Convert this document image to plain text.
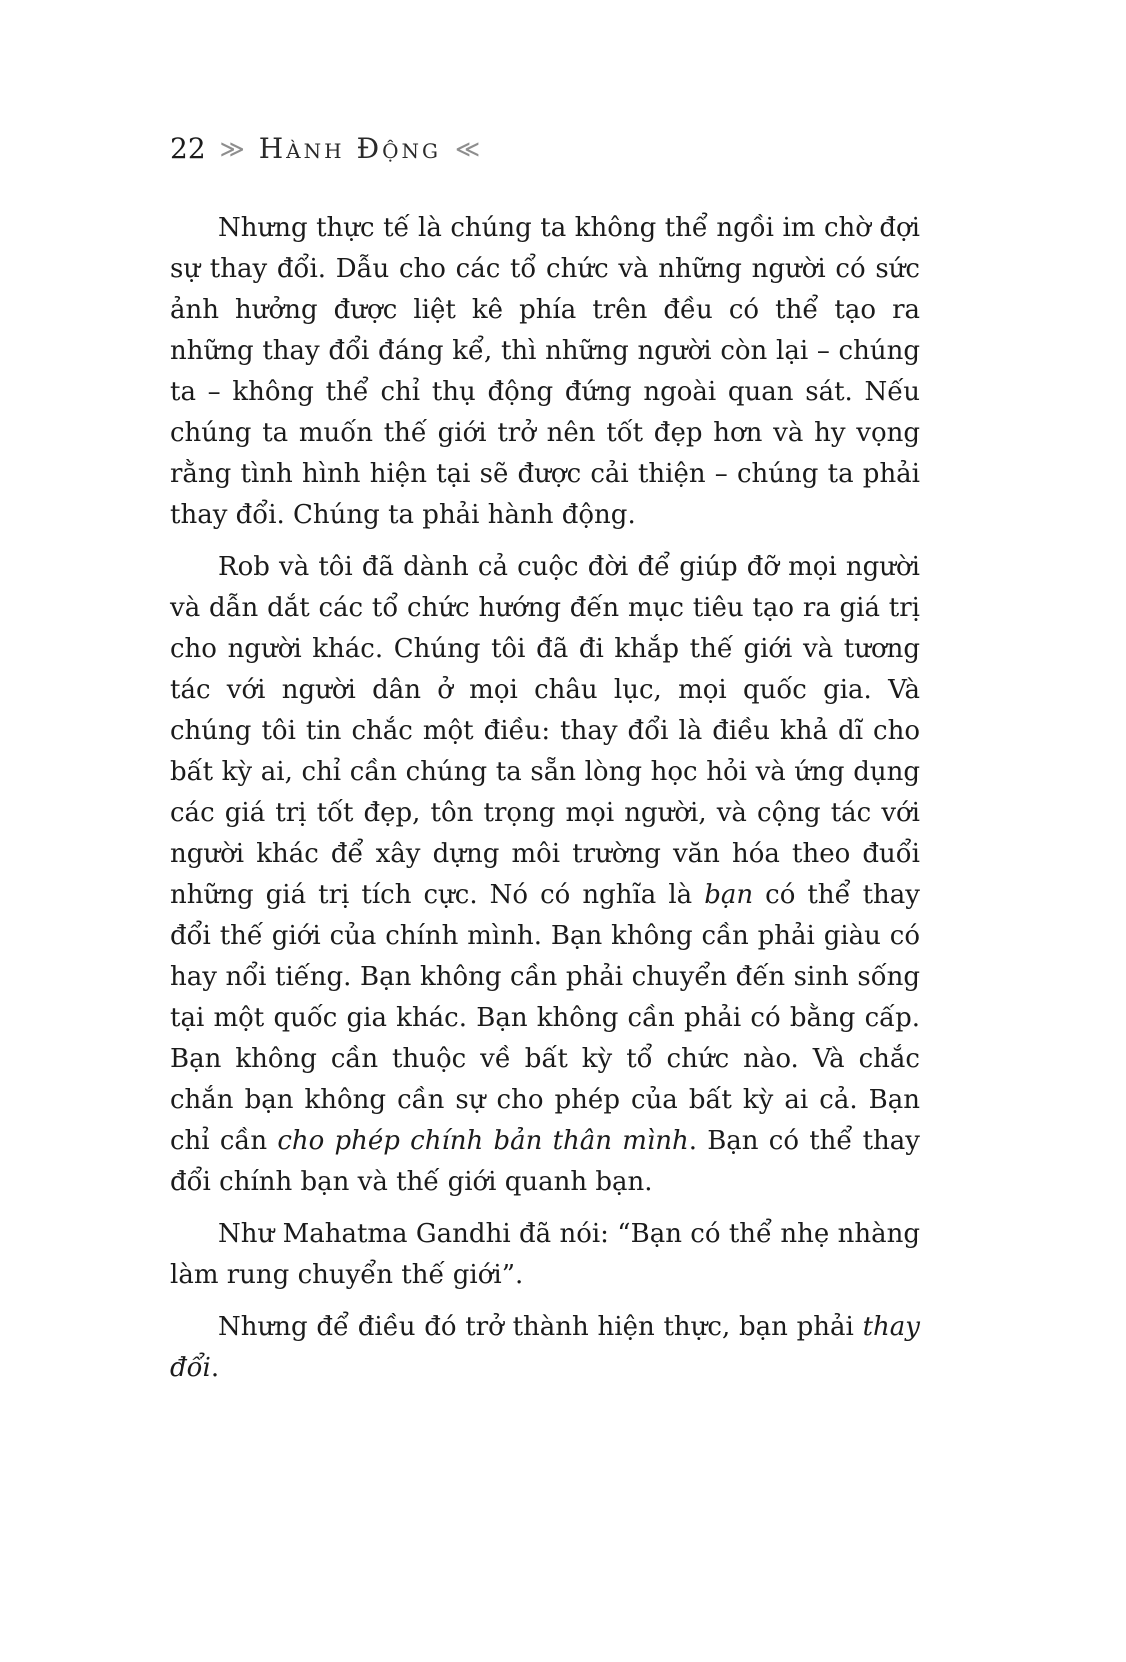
22 ≫ Hành Động ≪

Nhưng thực tế là chúng ta không thể ngồi im chờ đợi sự thay đổi. Dẫu cho các tổ chức và những người có sức ảnh hưởng được liệt kê phía trên đều có thể tạo ra những thay đổi đáng kể, thì những người còn lại – chúng ta – không thể chỉ thụ động đứng ngoài quan sát. Nếu chúng ta muốn thế giới trở nên tốt đẹp hơn và hy vọng rằng tình hình hiện tại sẽ được cải thiện – chúng ta phải thay đổi. Chúng ta phải hành động.

Rob và tôi đã dành cả cuộc đời để giúp đỡ mọi người và dẫn dắt các tổ chức hướng đến mục tiêu tạo ra giá trị cho người khác. Chúng tôi đã đi khắp thế giới và tương tác với người dân ở mọi châu lục, mọi quốc gia. Và chúng tôi tin chắc một điều: thay đổi là điều khả dĩ cho bất kỳ ai, chỉ cần chúng ta sẵn lòng học hỏi và ứng dụng các giá trị tốt đẹp, tôn trọng mọi người, và cộng tác với người khác để xây dựng môi trường văn hóa theo đuổi những giá trị tích cực. Nó có nghĩa là bạn có thể thay đổi thế giới của chính mình. Bạn không cần phải giàu có hay nổi tiếng. Bạn không cần phải chuyển đến sinh sống tại một quốc gia khác. Bạn không cần phải có bằng cấp. Bạn không cần thuộc về bất kỳ tổ chức nào. Và chắc chắn bạn không cần sự cho phép của bất kỳ ai cả. Bạn chỉ cần cho phép chính bản thân mình. Bạn có thể thay đổi chính bạn và thế giới quanh bạn.

Như Mahatma Gandhi đã nói: “Bạn có thể nhẹ nhàng làm rung chuyển thế giới”.

Nhưng để điều đó trở thành hiện thực, bạn phải thay đổi.
